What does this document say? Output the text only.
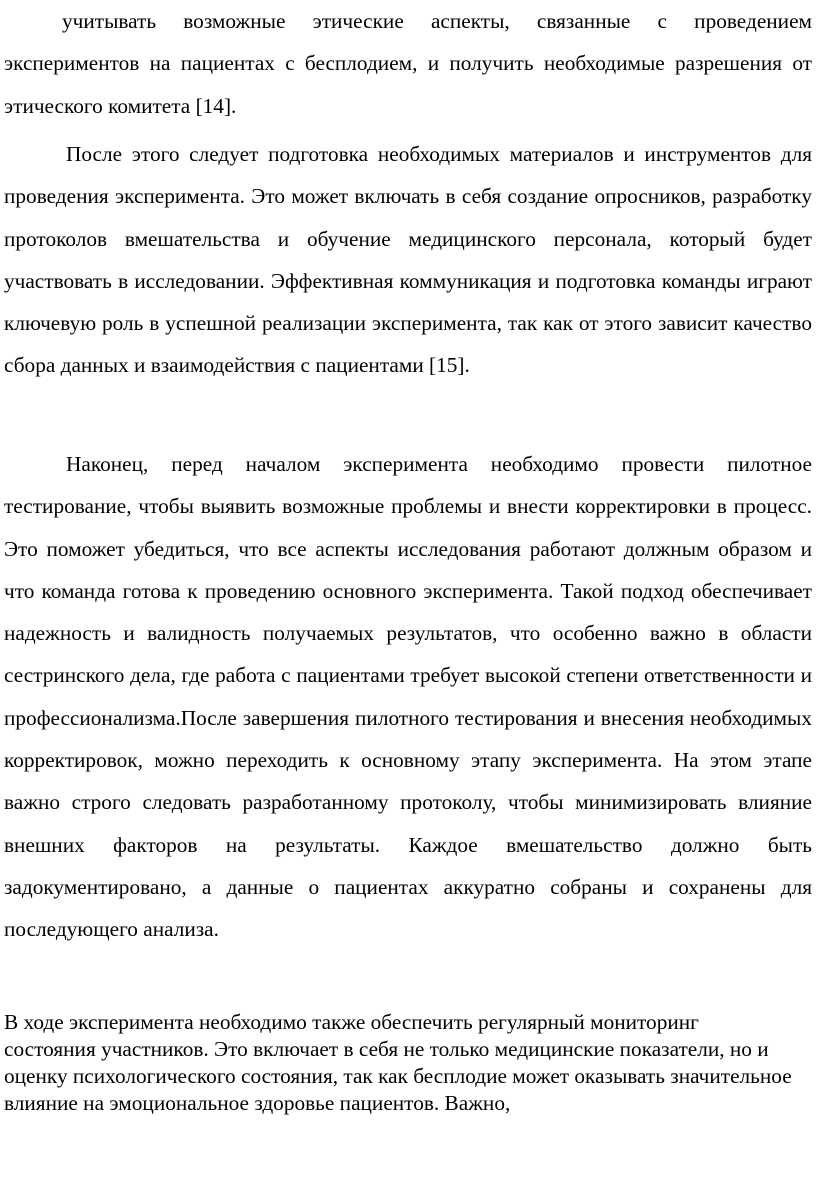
учитывать возможные этические аспекты, связанные с проведением экспериментов на пациентах с бесплодием, и получить необходимые разрешения от этического комитета [14].

После этого следует подготовка необходимых материалов и инструментов для проведения эксперимента. Это может включать в себя создание опросников, разработку протоколов вмешательства и обучение медицинского персонала, который будет участвовать в исследовании. Эффективная коммуникация и подготовка команды играют ключевую роль в успешной реализации эксперимента, так как от этого зависит качество сбора данных и взаимодействия с пациентами [15].

Наконец, перед началом эксперимента необходимо провести пилотное тестирование, чтобы выявить возможные проблемы и внести корректировки в процесс. Это поможет убедиться, что все аспекты исследования работают должным образом и что команда готова к проведению основного эксперимента. Такой подход обеспечивает надежность и валидность получаемых результатов, что особенно важно в области сестринского дела, где работа с пациентами требует высокой степени ответственности и профессионализма.После завершения пилотного тестирования и внесения необходимых корректировок, можно переходить к основному этапу эксперимента. На этом этапе важно строго следовать разработанному протоколу, чтобы минимизировать влияние внешних факторов на результаты. Каждое вмешательство должно быть задокументировано, а данные о пациентах аккуратно собраны и сохранены для последующего анализа.

В ходе эксперимента необходимо также обеспечить регулярный мониторинг состояния участников. Это включает в себя не только медицинские показатели, но и оценку психологического состояния, так как бесплодие может оказывать значительное влияние на эмоциональное здоровье пациентов. Важно,
